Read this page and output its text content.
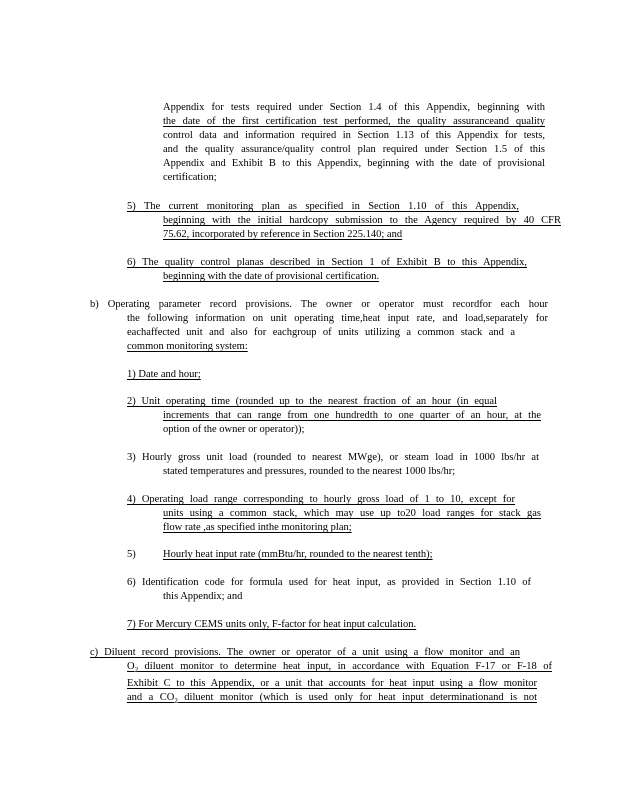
Appendix for tests required under Section 1.4 of this Appendix, beginning with

the date of the first certification test performed, the quality assuranceand quality

control data and information required in Section 1.13 of this Appendix for tests,

and the quality assurance/quality control plan required under Section 1.5 of this

Appendix and Exhibit B to this Appendix, beginning with the date of provisional

certification;

5) The current monitoring plan as specified in Section 1.10 of this Appendix,

beginning with the initial hardcopy submission to the Agency required by 40 CFR

75.62, incorporated by reference in Section 225.140; and

6) The quality control planas described in Section 1 of Exhibit B to this Appendix,

beginning with the date of provisional certification.

b) Operating parameter record provisions. The owner or operator must recordfor each hour

the following information on unit operating time,heat input rate, and load,separately for

eachaffected unit and also for eachgroup of units utilizing a common stack and a

common monitoring system:

1) Date and hour;

2) Unit operating time (rounded up to the nearest fraction of an hour (in equal

increments that can range from one hundredth to one quarter of an hour, at the

option of the owner or operator));

3) Hourly gross unit load (rounded to nearest MWge), or steam load in 1000 lbs/hr at

stated temperatures and pressures, rounded to the nearest 1000 lbs/hr;

4) Operating load range corresponding to hourly gross load of 1 to 10, except for

units using a common stack, which may use up to20 load ranges for stack gas

flow rate ,as specified inthe monitoring plan;

5)	Hourly heat input rate (mmBtu/hr, rounded to the nearest tenth);

6) Identification code for formula used for heat input, as provided in Section 1.10 of

this Appendix; and

7) For Mercury CEMS units only, F-factor for heat input calculation.

c) Diluent record provisions. The owner or operator of a unit using a flow monitor and an

$O_2$ diluent monitor to determine heat input, in accordance with Equation F-17 or F-18 of

Exhibit C to this Appendix, or a unit that accounts for heat input using a flow monitor

and a $CO_2$ diluent monitor (which is used only for heat input determinationand is not
